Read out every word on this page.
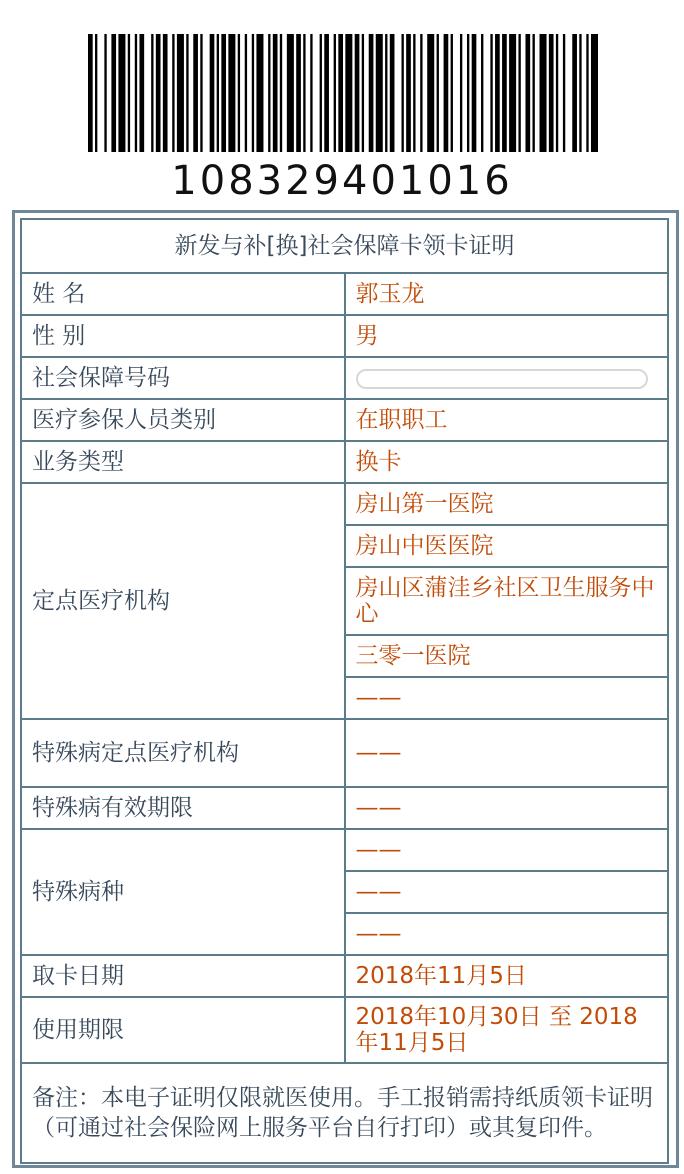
108329401016
新发与补[换]社会保障卡领卡证明	
姓 名	郭玉龙
性 别	男
社会保障号码	
医疗参保人员类别	在职职工
业务类型	换卡
定点医疗机构	房山第一医院
	房山中医医院
	房山区蒲洼乡社区卫生服务中心
	三零一医院
	——
特殊病定点医疗机构	——
特殊病有效期限	——
特殊病种	——
	——
	——
取卡日期	2018年11月5日
使用期限	2018年10月30日 至 2018年11月5日
备注：本电子证明仅限就医使用。手工报销需持纸质领卡证明（可通过社会保险网上服务平台自行打印）或其复印件。	
